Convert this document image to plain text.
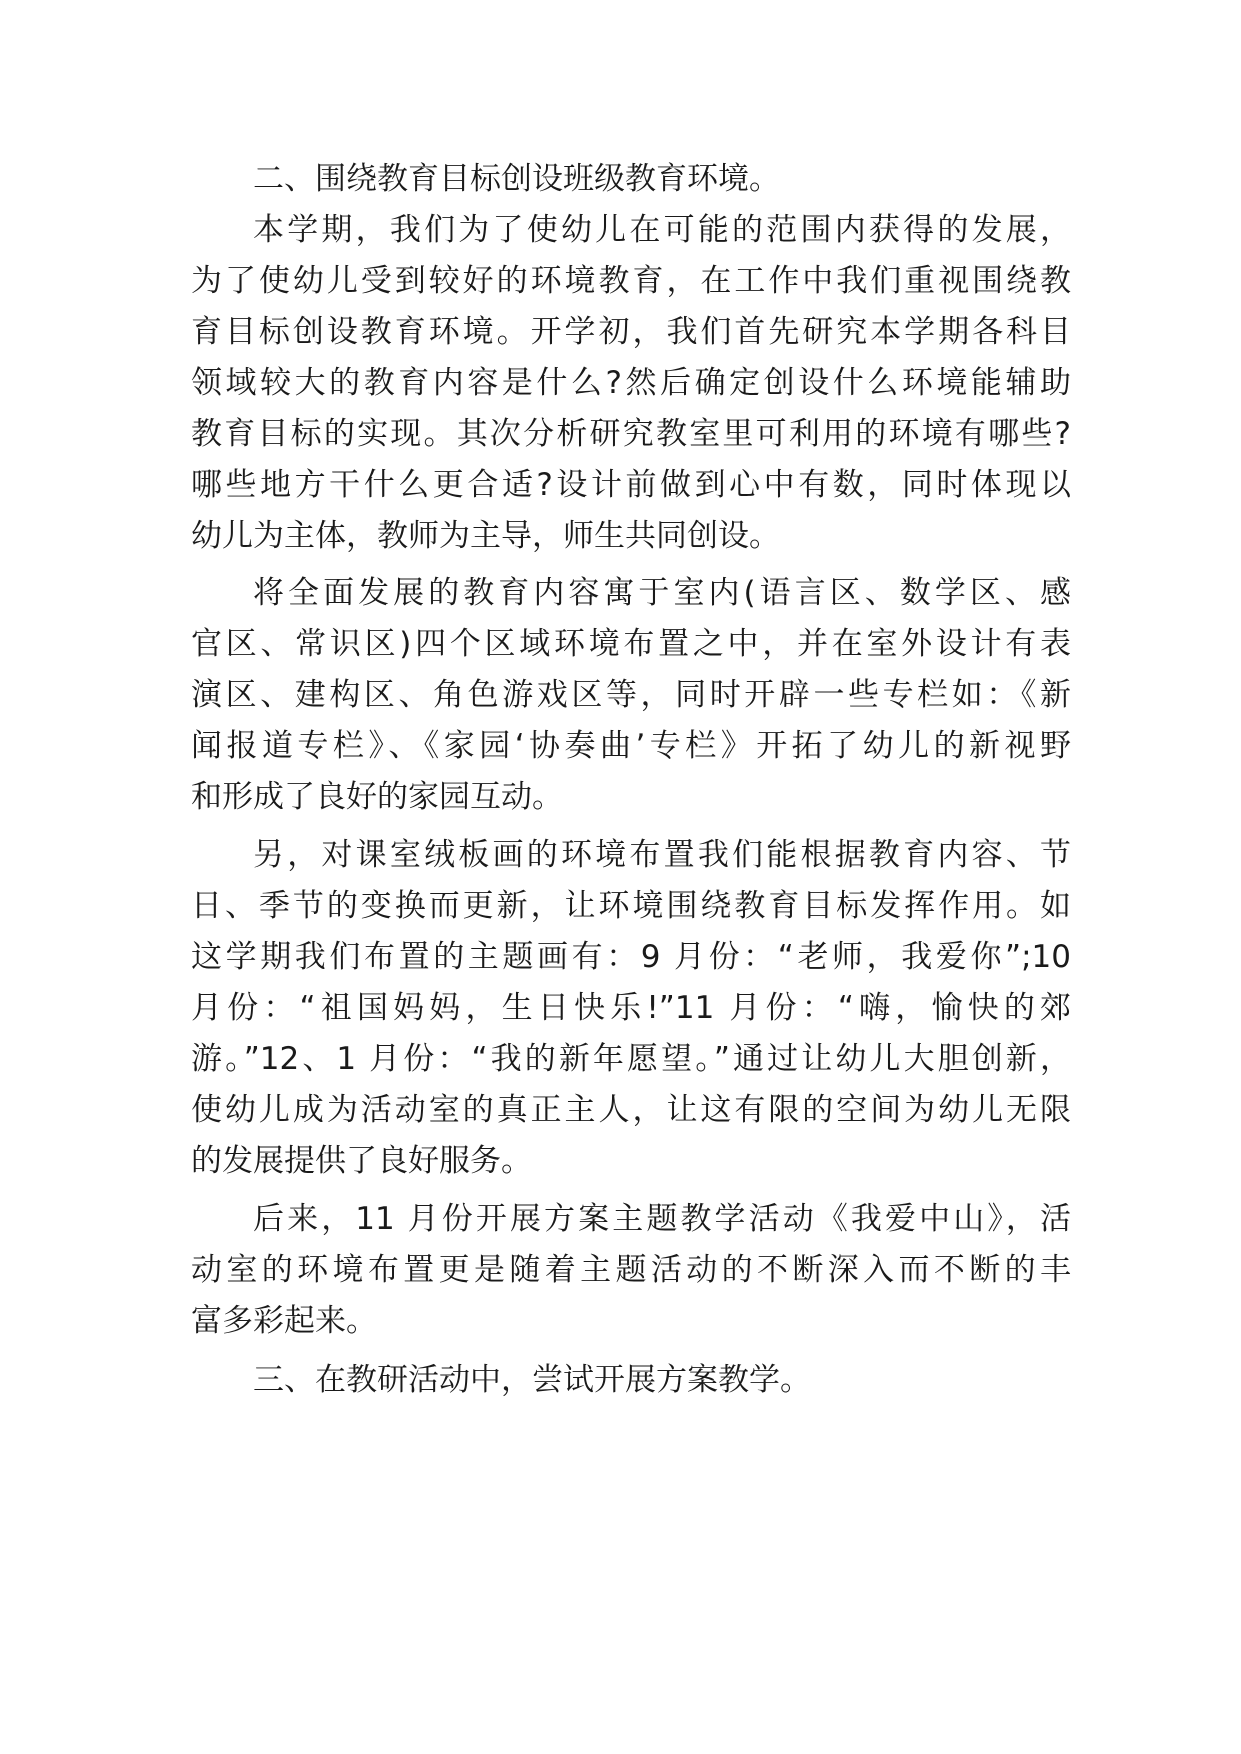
二、围绕教育目标创设班级教育环境。
本学期，我们为了使幼儿在可能的范围内获得的发展，
为了使幼儿受到较好的环境教育，在工作中我们重视围绕教
育目标创设教育环境。开学初，我们首先研究本学期各科目
领域较大的教育内容是什么?然后确定创设什么环境能辅助
教育目标的实现。其次分析研究教室里可利用的环境有哪些?
哪些地方干什么更合适?设计前做到心中有数，同时体现以
幼儿为主体，教师为主导，师生共同创设。
将全面发展的教育内容寓于室内(语言区、数学区、感
官区、常识区)四个区域环境布置之中，并在室外设计有表
演区、建构区、角色游戏区等，同时开辟一些专栏如：《新
闻报道专栏》、《家园‘协奏曲’专栏》开拓了幼儿的新视野
和形成了良好的家园互动。
另，对课室绒板画的环境布置我们能根据教育内容、节
日、季节的变换而更新，让环境围绕教育目标发挥作用。如
这学期我们布置的主题画有：9 月份：“老师，我爱你”;10
月份：“祖国妈妈，生日快乐!”11 月份：“嗨，愉快的郊
游。”12、1 月份：“我的新年愿望。”通过让幼儿大胆创新，
使幼儿成为活动室的真正主人，让这有限的空间为幼儿无限
的发展提供了良好服务。
后来，11 月份开展方案主题教学活动《我爱中山》，活
动室的环境布置更是随着主题活动的不断深入而不断的丰
富多彩起来。
三、在教研活动中，尝试开展方案教学。
